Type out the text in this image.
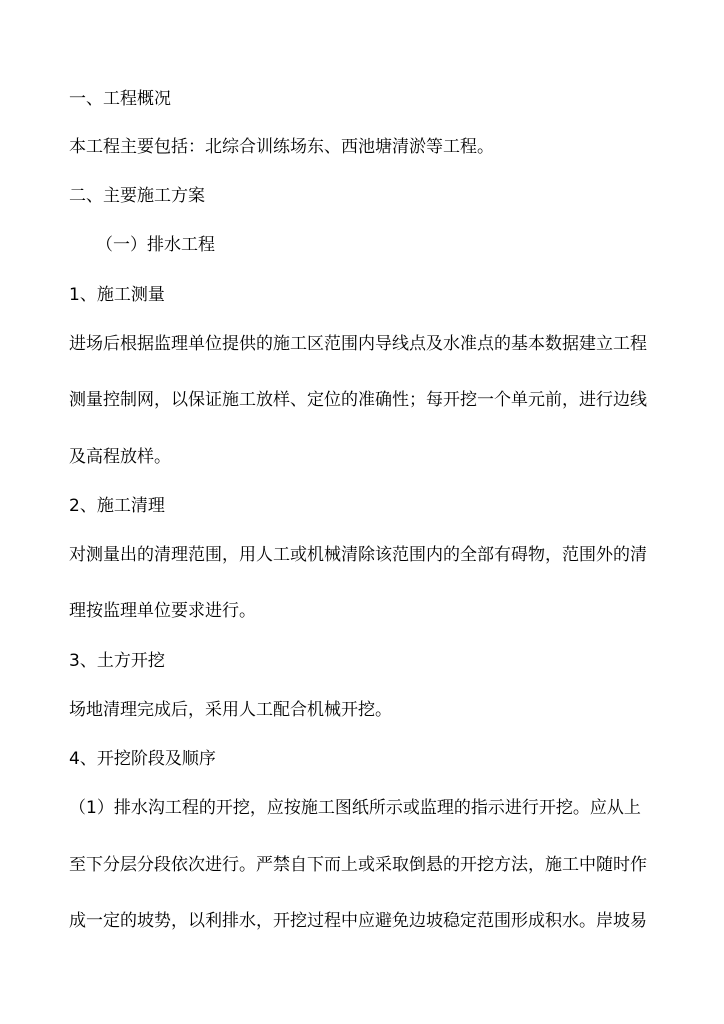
一、工程概况
本工程主要包括：北综合训练场东、西池塘清淤等工程。
二、主要施工方案
（一）排水工程
1、施工测量
进场后根据监理单位提供的施工区范围内导线点及水准点的基本数据建立工程
测量控制网，以保证施工放样、定位的准确性；每开挖一个单元前，进行边线
及高程放样。
2、施工清理
对测量出的清理范围，用人工或机械清除该范围内的全部有碍物，范围外的清
理按监理单位要求进行。
3、土方开挖
场地清理完成后，采用人工配合机械开挖。
4、开挖阶段及顺序
（1）排水沟工程的开挖，应按施工图纸所示或监理的指示进行开挖。应从上
至下分层分段依次进行。严禁自下而上或采取倒悬的开挖方法，施工中随时作
成一定的坡势，以利排水，开挖过程中应避免边坡稳定范围形成积水。岸坡易
